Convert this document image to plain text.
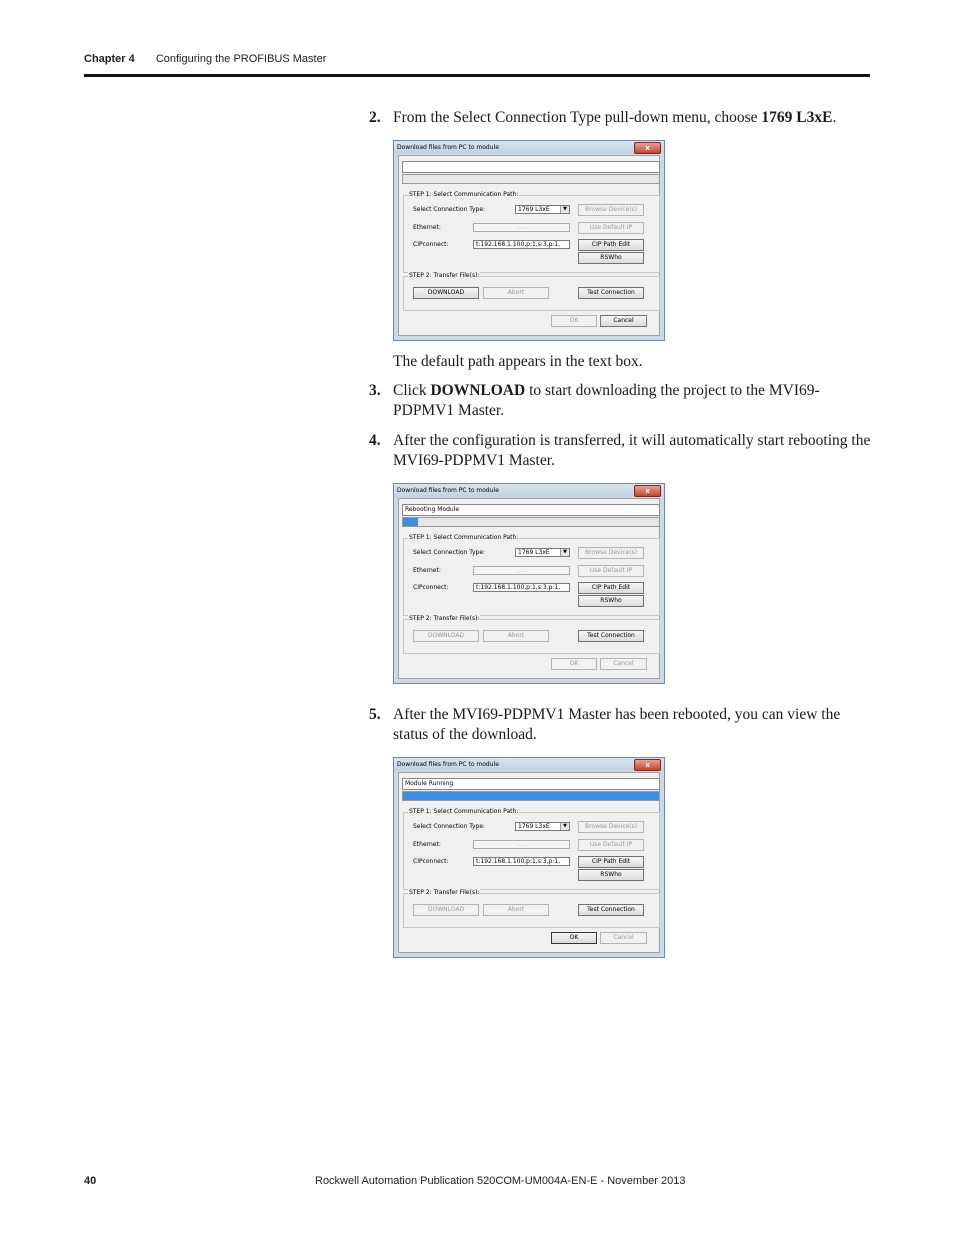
Chapter 4 Configuring the PROFIBUS Master
2. From the Select Connection Type pull-down menu, choose 1769 L3xE.
Download files from PC to module	x
STEP 1: Select Communication Path:
Select Connection Type:	1769 L3xE	▼
Ethernet:	. . .
CIPconnect:	t:192.168.1.100,p:1,s:3,p:1,
Browse Device(s)
Use Default IP
CIP Path Edit
RSWho
STEP 2: Transfer File(s):
DOWNLOAD	Abort	Test Connection
OK	Cancel
The default path appears in the text box.
3. Click DOWNLOAD to start downloading the project to the MVI69-PDPMV1 Master.
4. After the configuration is transferred, it will automatically start rebooting the MVI69-PDPMV1 Master.
Download files from PC to module	x
Rebooting Module
STEP 1: Select Communication Path:
Select Connection Type:	1769 L3xE	▼
Ethernet:	. . .
CIPconnect:	t:192.168.1.100,p:1,s:3,p:1,
Browse Device(s)
Use Default IP
CIP Path Edit
RSWho
STEP 2: Transfer File(s):
DOWNLOAD	Abort	Test Connection
OK	Cancel
5. After the MVI69-PDPMV1 Master has been rebooted, you can view the status of the download.
Download files from PC to module	x
Module Running
STEP 1: Select Communication Path:
Select Connection Type:	1769 L3xE	▼
Ethernet:	. . .
CIPconnect:	t:192.168.1.100,p:1,s:3,p:1,
Browse Device(s)
Use Default IP
CIP Path Edit
RSWho
STEP 2: Transfer File(s):
DOWNLOAD	Abort	Test Connection
OK	Cancel
40	Rockwell Automation Publication 520COM-UM004A-EN-E - November 2013
